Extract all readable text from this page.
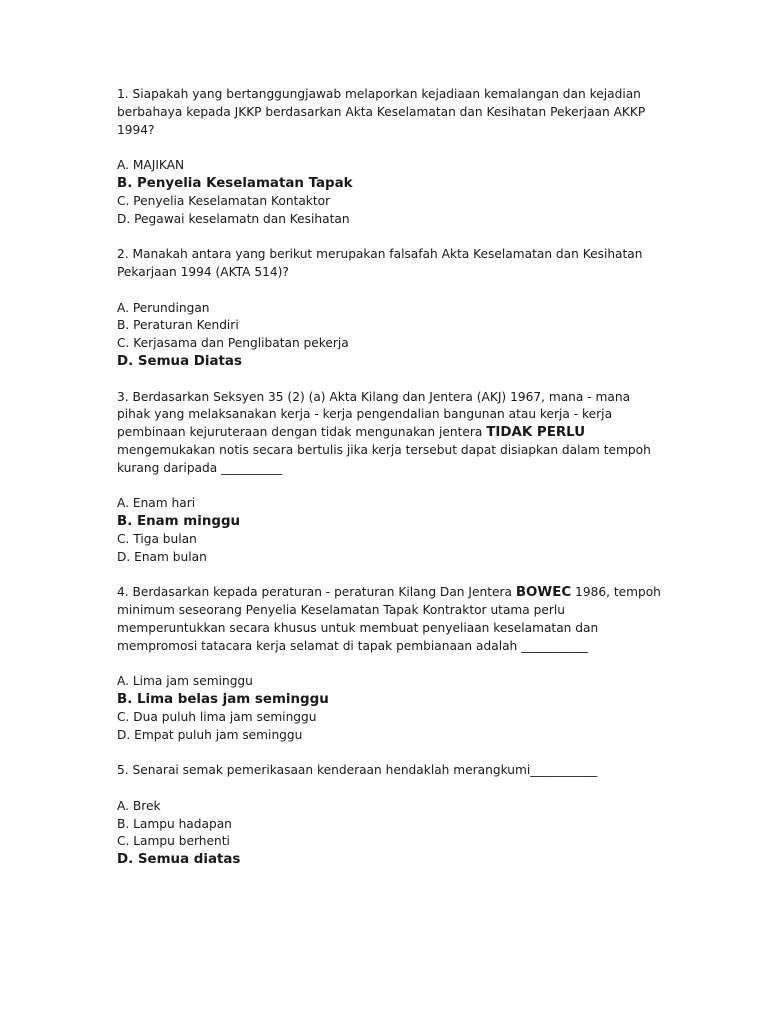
1. Siapakah yang bertanggungjawab melaporkan kejadiaan kemalangan dan kejadian berbahaya kepada JKKP berdasarkan Akta Keselamatan dan Kesihatan Pekerjaan AKKP 1994?

A. MAJIKAN

B. Penyelia Keselamatan Tapak

C. Penyelia Keselamatan Kontaktor

D. Pegawai keselamatn dan Kesihatan

2. Manakah antara yang berikut merupakan falsafah Akta Keselamatan dan Kesihatan Pekarjaan 1994 (AKTA 514)?

A. Perundingan

B. Peraturan Kendiri

C. Kerjasama dan Penglibatan pekerja

D. Semua Diatas

3. Berdasarkan Seksyen 35 (2) (a) Akta Kilang dan Jentera (AKJ) 1967, mana - mana pihak yang melaksanakan kerja - kerja pengendalian bangunan atau kerja - kerja pembinaan kejuruteraan dengan tidak mengunakan jentera TIDAK PERLU mengemukakan notis secara bertulis jika kerja tersebut dapat disiapkan dalam tempoh kurang daripada __________

A. Enam hari

B. Enam minggu

C. Tiga bulan

D. Enam bulan

4. Berdasarkan kepada peraturan - peraturan Kilang Dan Jentera BOWEC 1986, tempoh minimum seseorang Penyelia Keselamatan Tapak Kontraktor utama perlu memperuntukkan secara khusus untuk membuat penyeliaan keselamatan dan mempromosi tatacara kerja selamat di tapak pembianaan adalah ___________

A. Lima jam seminggu

B. Lima belas jam seminggu

C. Dua puluh lima jam seminggu

D. Empat puluh jam seminggu

5. Senarai semak pemerikasaan kenderaan hendaklah merangkumi___________

A. Brek

B. Lampu hadapan

C. Lampu berhenti

D. Semua diatas
